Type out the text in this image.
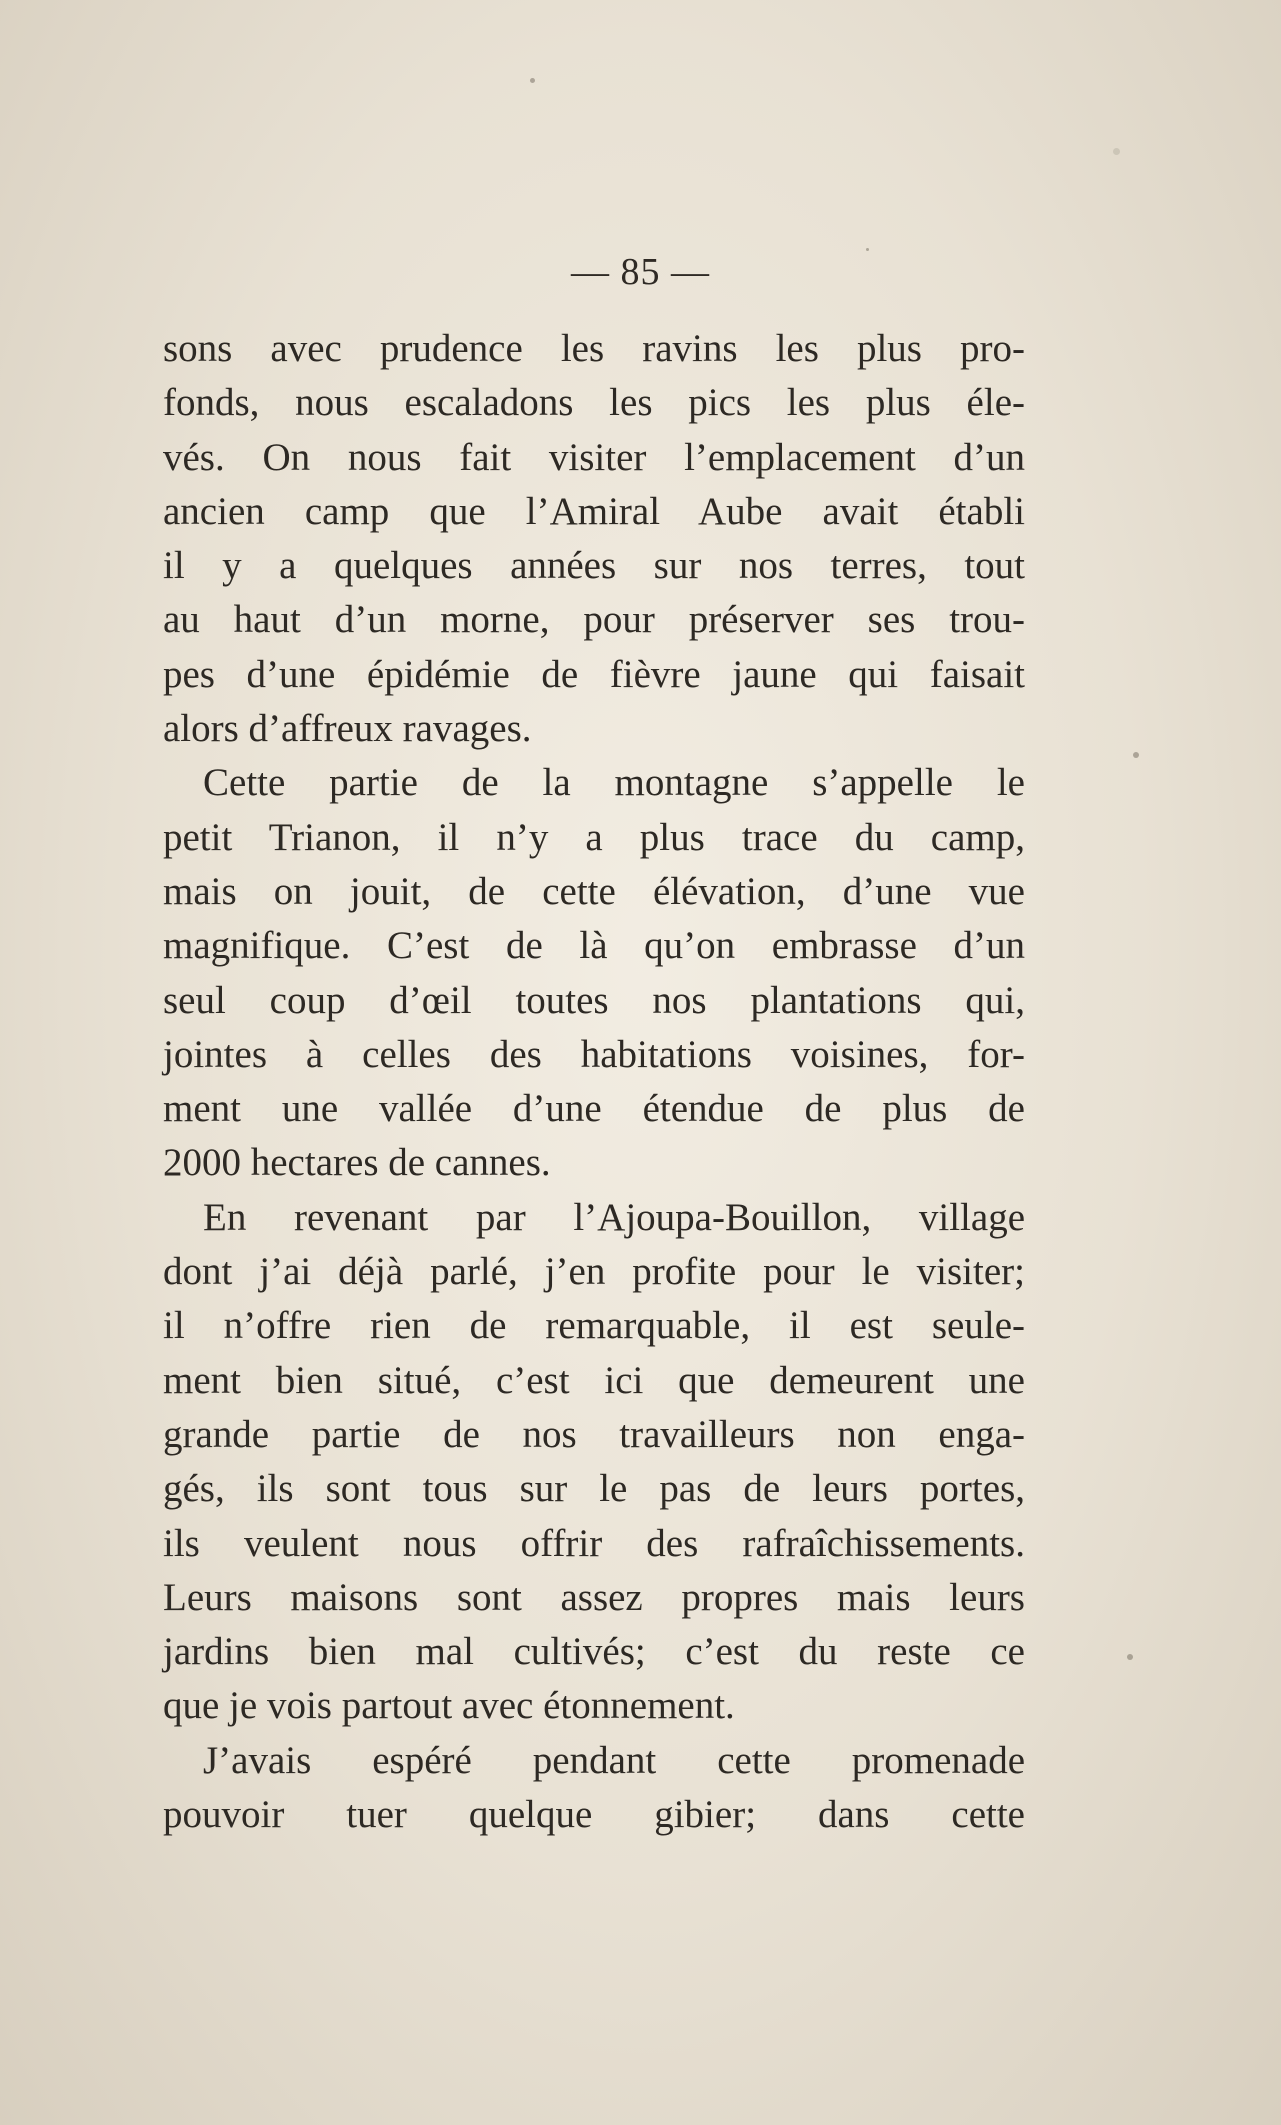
— 85 —
sons avec prudence les ravins les plus pro-
fonds, nous escaladons les pics les plus éle-
vés. On nous fait visiter l’emplacement d’un
ancien camp que l’Amiral Aube avait établi
il y a quelques années sur nos terres, tout
au haut d’un morne, pour préserver ses trou-
pes d’une épidémie de fièvre jaune qui faisait
alors d’affreux ravages.
Cette partie de la montagne s’appelle le
petit Trianon, il n’y a plus trace du camp,
mais on jouit, de cette élévation, d’une vue
magnifique. C’est de là qu’on embrasse d’un
seul coup d’œil toutes nos plantations qui,
jointes à celles des habitations voisines, for-
ment une vallée d’une étendue de plus de
2000 hectares de cannes.
En revenant par l’Ajoupa-Bouillon, village
dont j’ai déjà parlé, j’en profite pour le visiter;
il n’offre rien de remarquable, il est seule-
ment bien situé, c’est ici que demeurent une
grande partie de nos travailleurs non enga-
gés, ils sont tous sur le pas de leurs portes,
ils veulent nous offrir des rafraîchissements.
Leurs maisons sont assez propres mais leurs
jardins bien mal cultivés; c’est du reste ce
que je vois partout avec étonnement.
J’avais espéré pendant cette promenade
pouvoir tuer quelque gibier; dans cette
